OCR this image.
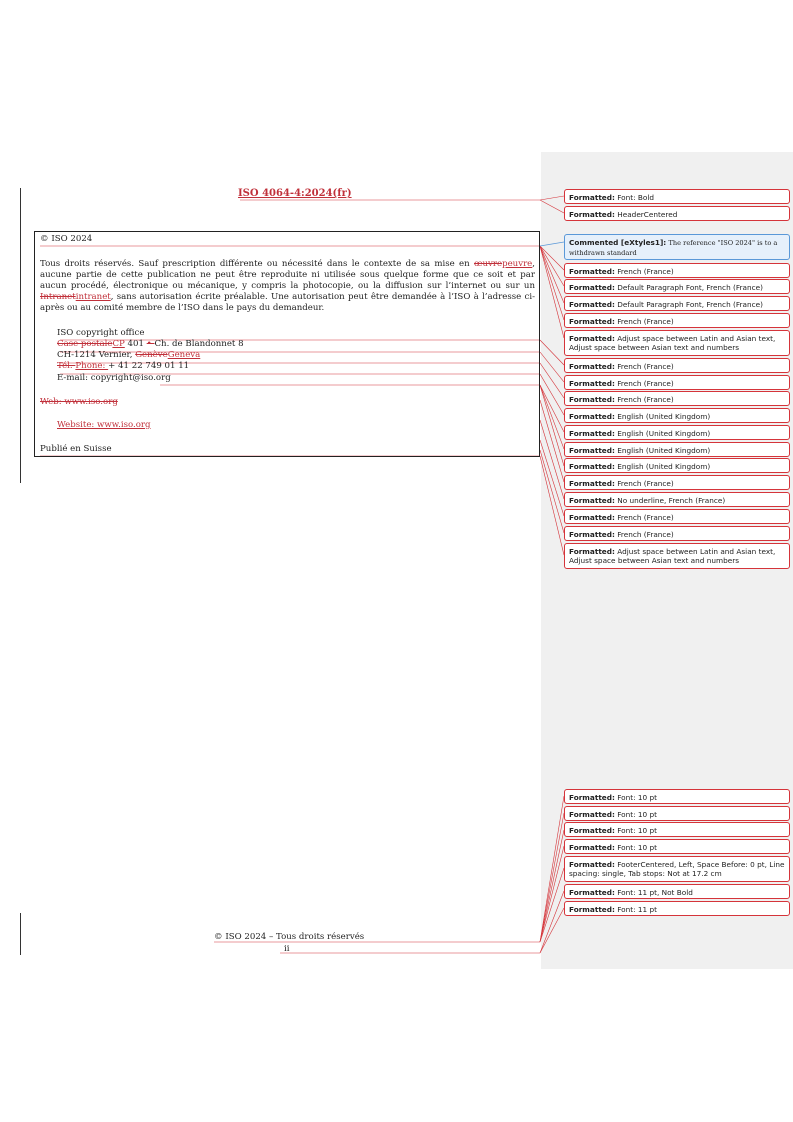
ISO 4064-4:2024(fr)
© ISO 2024
Tous droits réservés. Sauf prescription différente ou nécessité dans le contexte de sa mise en œuvrepeuvre, aucune partie de cette publication ne peut être reproduite ni utilisée sous quelque forme que ce soit et par aucun procédé, électronique ou mécanique, y compris la photocopie, ou la diffusion sur l’internet ou sur un Intranetintranet, sans autorisation écrite préalable. Une autorisation peut être demandée à l’ISO à l’adresse ci-après ou au comité membre de l’ISO dans le pays du demandeur.
ISO copyright office
Case postaleCP 401 • Ch. de Blandonnet 8
CH-1214 Vernier, GenèveGeneva
Tél. Phone: + 41 22 749 01 11
E-mail: copyright@iso.org
Web: www.iso.org
Website: www.iso.org
Publié en Suisse
© ISO 2024 – Tous droits réservés
ii
Formatted: Font: Bold
Formatted: HeaderCentered
Commented [eXtyles1]: The reference "ISO 2024" is to a withdrawn standard
Formatted: French (France)
Formatted: Default Paragraph Font, French (France)
Formatted: Default Paragraph Font, French (France)
Formatted: French (France)
Formatted: Adjust space between Latin and Asian text, Adjust space between Asian text and numbers
Formatted: French (France)
Formatted: French (France)
Formatted: French (France)
Formatted: English (United Kingdom)
Formatted: English (United Kingdom)
Formatted: English (United Kingdom)
Formatted: English (United Kingdom)
Formatted: French (France)
Formatted: No underline, French (France)
Formatted: French (France)
Formatted: French (France)
Formatted: Adjust space between Latin and Asian text, Adjust space between Asian text and numbers
Formatted: Font: 10 pt
Formatted: Font: 10 pt
Formatted: Font: 10 pt
Formatted: Font: 10 pt
Formatted: FooterCentered, Left, Space Before: 0 pt, Line spacing: single, Tab stops: Not at 17.2 cm
Formatted: Font: 11 pt, Not Bold
Formatted: Font: 11 pt
